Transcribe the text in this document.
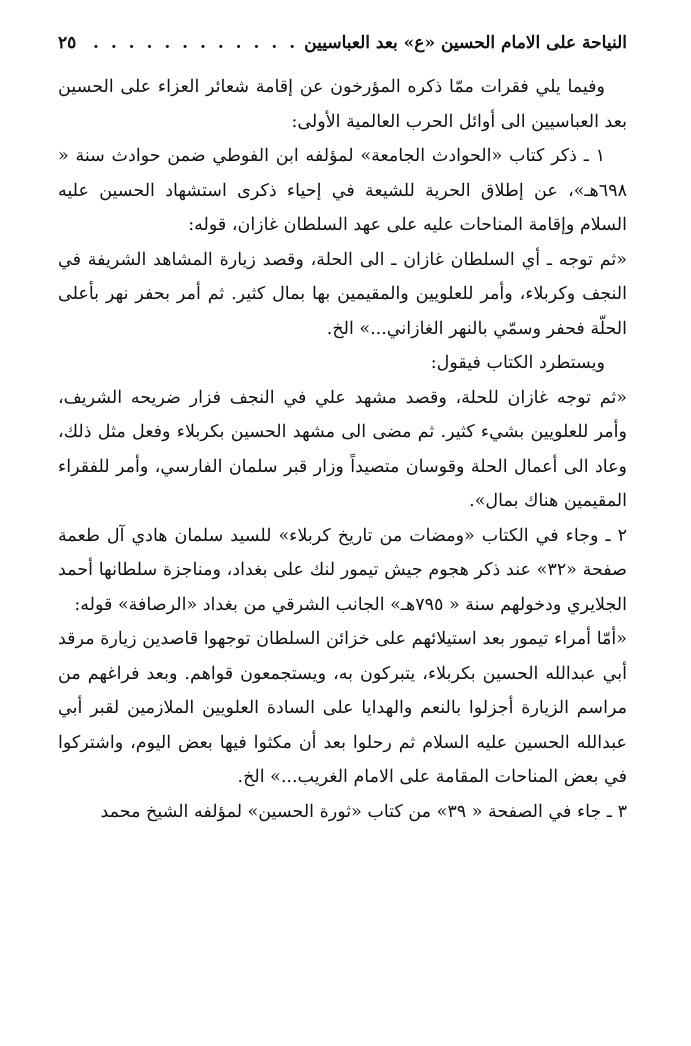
النياحة على الامام الحسين «ع» بعد العباسيين
. . .
٢٥

وفيما يلي فقرات ممّا ذكره المؤرخون عن إقامة شعائر العزاء على الحسين بعد العباسيين الى أوائل الحرب العالمية الأولى:

١ ـ ذكر كتاب «الحوادث الجامعة» لمؤلفه ابن الفوطي ضمن حوادث سنة « ٦٩٨هـ»، عن إطلاق الحرية للشيعة في إحياء ذكرى استشهاد الحسين عليه السلام وإقامة المناحات عليه على عهد السلطان غازان، قوله:

«ثم توجه ـ أي السلطان غازان ـ الى الحلة، وقصد زيارة المشاهد الشريفة في النجف وكربلاء، وأمر للعلويين والمقيمين بها بمال كثير. ثم أمر بحفر نهر بأعلى الحلّة فحفر وسمّي بالنهر الغازاني...» الخ.

ويستطرد الكتاب فيقول:

«ثم توجه غازان للحلة، وقصد مشهد علي في النجف فزار ضريحه الشريف، وأمر للعلويين بشيء كثير. ثم مضى الى مشهد الحسين بكربلاء وفعل مثل ذلك، وعاد الى أعمال الحلة وقوسان متصيداً وزار قبر سلمان الفارسي، وأمر للفقراء المقيمين هناك بمال».

٢ ـ وجاء في الكتاب «ومضات من تاريخ كربلاء» للسيد سلمان هادي آل طعمة صفحة «٣٢» عند ذكر هجوم جيش تيمور لنك على بغداد، ومناجزة سلطانها أحمد الجلايري ودخولهم سنة « ٧٩٥هـ» الجانب الشرقي من بغداد «الرصافة» قوله:

«أمّا أمراء تيمور بعد استيلائهم على خزائن السلطان توجهوا قاصدين زيارة مرقد أبي عبدالله الحسين بكربلاء، يتبركون به، ويستجمعون قواهم. وبعد فراغهم من مراسم الزيارة أجزلوا بالنعم والهدايا على السادة العلويين الملازمين لقبر أبي عبدالله الحسين عليه السلام ثم رحلوا بعد أن مكثوا فيها بعض اليوم، واشتركوا في بعض المناحات المقامة على الامام الغريب...» الخ.

٣ ـ جاء في الصفحة « ٣٩» من كتاب «ثورة الحسين» لمؤلفه الشيخ محمد
